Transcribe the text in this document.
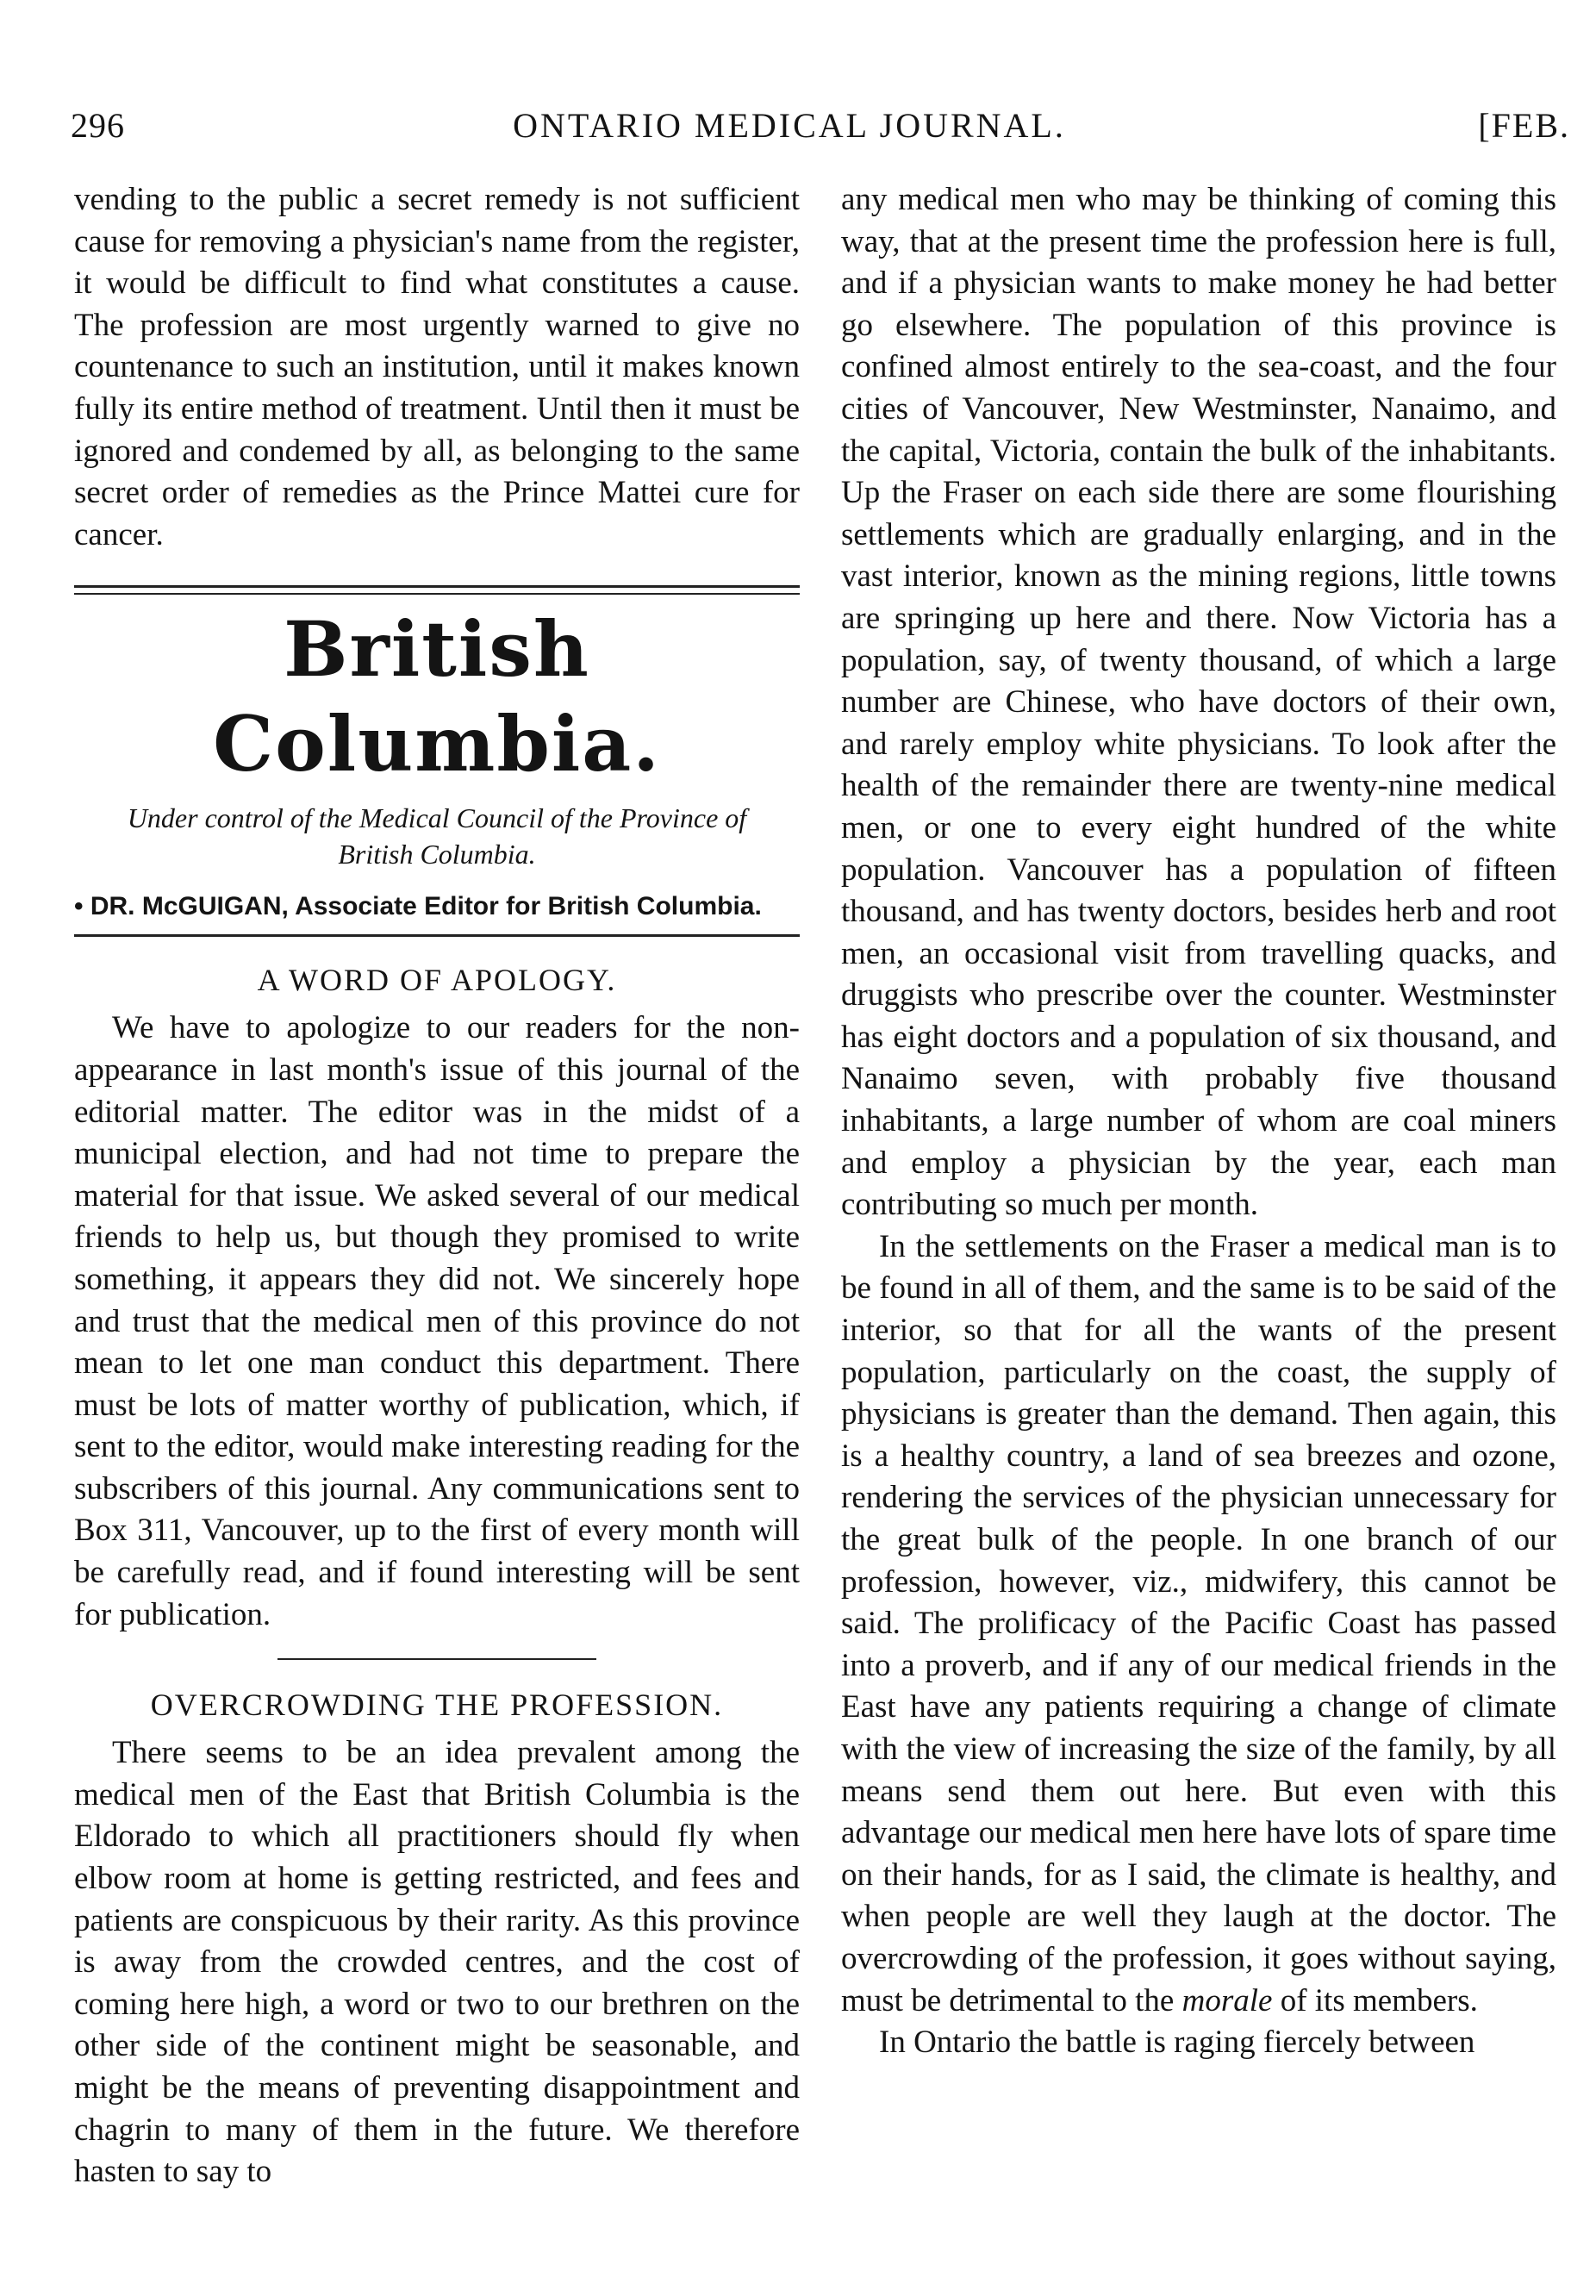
296	ONTARIO MEDICAL JOURNAL.	[FEB.

vending to the public a secret remedy is not sufficient cause for removing a physician's name from the register, it would be difficult to find what constitutes a cause. The profession are most urgently warned to give no countenance to such an institution, until it makes known fully its entire method of treatment. Until then it must be ignored and condemed by all, as belonging to the same secret order of remedies as the Prince Mattei cure for cancer.

British Columbia.
Under control of the Medical Council of the Province of British Columbia.
• DR. McGUIGAN, Associate Editor for British Columbia.
A WORD OF APOLOGY.

We have to apologize to our readers for the non-appearance in last month's issue of this journal of the editorial matter. The editor was in the midst of a municipal election, and had not time to prepare the material for that issue. We asked several of our medical friends to help us, but though they promised to write something, it appears they did not. We sincerely hope and trust that the medical men of this province do not mean to let one man conduct this department. There must be lots of matter worthy of publication, which, if sent to the editor, would make interesting reading for the subscribers of this journal. Any communications sent to Box 311, Vancouver, up to the first of every month will be carefully read, and if found interesting will be sent for publication.

OVERCROWDING THE PROFESSION.

There seems to be an idea prevalent among the medical men of the East that British Columbia is the Eldorado to which all practitioners should fly when elbow room at home is getting restricted, and fees and patients are conspicuous by their rarity. As this province is away from the crowded centres, and the cost of coming here high, a word or two to our brethren on the other side of the continent might be seasonable, and might be the means of preventing disappointment and chagrin to many of them in the future. We therefore hasten to say to

any medical men who may be thinking of coming this way, that at the present time the profession here is full, and if a physician wants to make money he had better go elsewhere. The population of this province is confined almost entirely to the sea-coast, and the four cities of Vancouver, New Westminster, Nanaimo, and the capital, Victoria, contain the bulk of the inhabitants. Up the Fraser on each side there are some flourishing settlements which are gradually enlarging, and in the vast interior, known as the mining regions, little towns are springing up here and there. Now Victoria has a population, say, of twenty thousand, of which a large number are Chinese, who have doctors of their own, and rarely employ white physicians. To look after the health of the remainder there are twenty-nine medical men, or one to every eight hundred of the white population. Vancouver has a population of fifteen thousand, and has twenty doctors, besides herb and root men, an occasional visit from travelling quacks, and druggists who prescribe over the counter. Westminster has eight doctors and a population of six thousand, and Nanaimo seven, with probably five thousand inhabitants, a large number of whom are coal miners and employ a physician by the year, each man contributing so much per month.

In the settlements on the Fraser a medical man is to be found in all of them, and the same is to be said of the interior, so that for all the wants of the present population, particularly on the coast, the supply of physicians is greater than the demand. Then again, this is a healthy country, a land of sea breezes and ozone, rendering the services of the physician unnecessary for the great bulk of the people. In one branch of our profession, however, viz., midwifery, this cannot be said. The prolificacy of the Pacific Coast has passed into a proverb, and if any of our medical friends in the East have any patients requiring a change of climate with the view of increasing the size of the family, by all means send them out here. But even with this advantage our medical men here have lots of spare time on their hands, for as I said, the climate is healthy, and when people are well they laugh at the doctor. The overcrowding of the profession, it goes without saying, must be detrimental to the morale of its members.

In Ontario the battle is raging fiercely between
